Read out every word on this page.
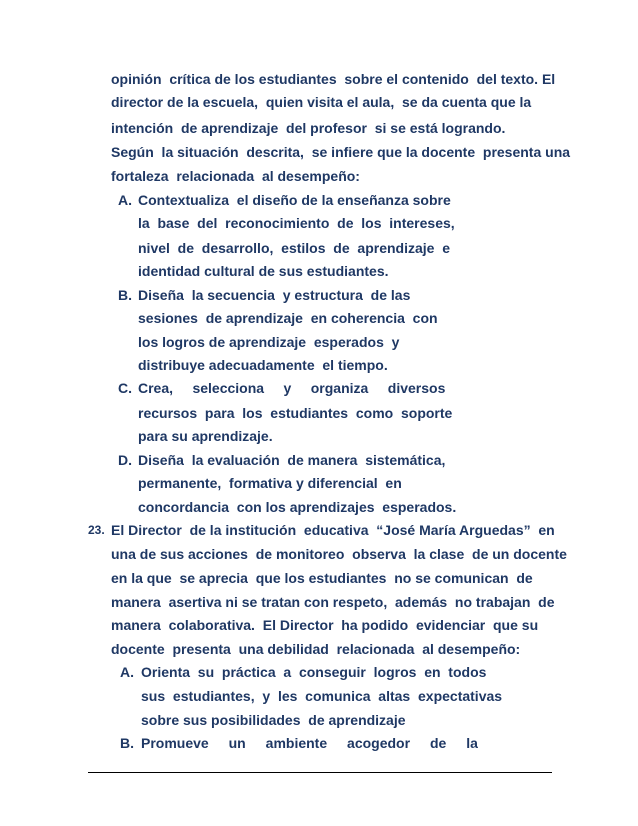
opinión  crítica de los estudiantes  sobre el contenido  del texto. El
director de la escuela,  quien visita el aula,  se da cuenta que la
intención  de aprendizaje  del profesor  si se está logrando.
Según  la situación  descrita,  se infiere que la docente  presenta una
fortaleza  relacionada  al desempeño:
A. Contextualiza  el diseño de la enseñanza sobre
la  base  del  reconocimiento  de  los  intereses,
nivel  de  desarrollo,  estilos  de  aprendizaje  e
identidad cultural de sus estudiantes.
B. Diseña  la secuencia  y estructura  de las
sesiones  de aprendizaje  en coherencia  con
los logros de aprendizaje  esperados  y
distribuye adecuadamente  el tiempo.
C. Crea,     selecciona     y     organiza     diversos
recursos  para  los  estudiantes  como  soporte
para su aprendizaje.
D. Diseña  la evaluación  de manera  sistemática,
permanente,  formativa y diferencial  en
concordancia  con los aprendizajes  esperados.
23. El Director  de la institución  educativa  “José María Arguedas”  en
una de sus acciones  de monitoreo  observa  la clase  de un docente
en la que  se aprecia  que los estudiantes  no se comunican  de
manera  asertiva ni se tratan con respeto,  además  no trabajan  de
manera  colaborativa.  El Director  ha podido  evidenciar  que su
docente  presenta  una debilidad  relacionada  al desempeño:
A. Orienta  su  práctica  a  conseguir  logros  en  todos
sus  estudiantes,  y  les  comunica  altas  expectativas
sobre sus posibilidades  de aprendizaje
B. Promueve un ambiente acogedor de la
